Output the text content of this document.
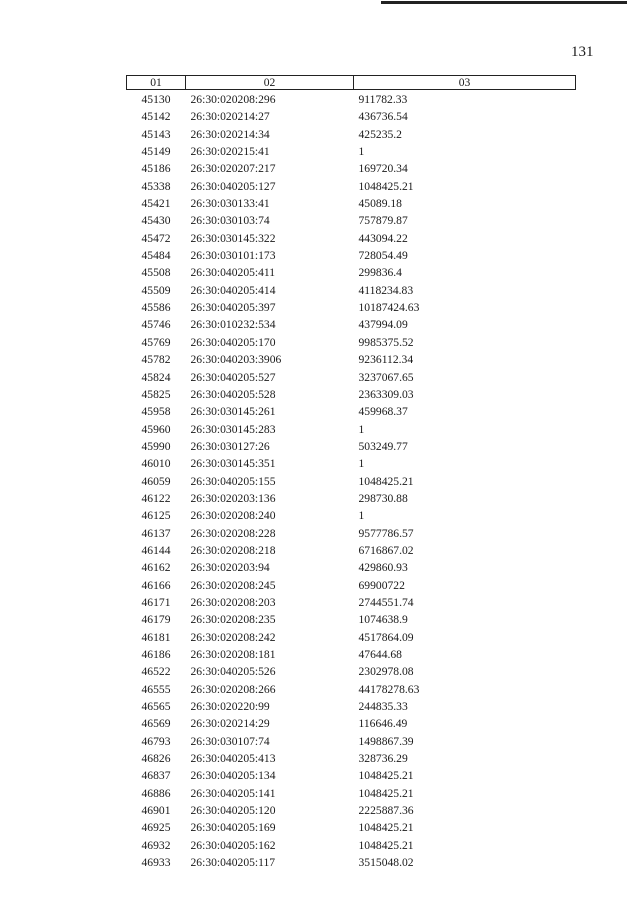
131
01	02	03
45130	26:30:020208:296	911782.33
45142	26:30:020214:27	436736.54
45143	26:30:020214:34	425235.2
45149	26:30:020215:41	1
45186	26:30:020207:217	169720.34
45338	26:30:040205:127	1048425.21
45421	26:30:030133:41	45089.18
45430	26:30:030103:74	757879.87
45472	26:30:030145:322	443094.22
45484	26:30:030101:173	728054.49
45508	26:30:040205:411	299836.4
45509	26:30:040205:414	4118234.83
45586	26:30:040205:397	10187424.63
45746	26:30:010232:534	437994.09
45769	26:30:040205:170	9985375.52
45782	26:30:040203:3906	9236112.34
45824	26:30:040205:527	3237067.65
45825	26:30:040205:528	2363309.03
45958	26:30:030145:261	459968.37
45960	26:30:030145:283	1
45990	26:30:030127:26	503249.77
46010	26:30:030145:351	1
46059	26:30:040205:155	1048425.21
46122	26:30:020203:136	298730.88
46125	26:30:020208:240	1
46137	26:30:020208:228	9577786.57
46144	26:30:020208:218	6716867.02
46162	26:30:020203:94	429860.93
46166	26:30:020208:245	69900722
46171	26:30:020208:203	2744551.74
46179	26:30:020208:235	1074638.9
46181	26:30:020208:242	4517864.09
46186	26:30:020208:181	47644.68
46522	26:30:040205:526	2302978.08
46555	26:30:020208:266	44178278.63
46565	26:30:020220:99	244835.33
46569	26:30:020214:29	116646.49
46793	26:30:030107:74	1498867.39
46826	26:30:040205:413	328736.29
46837	26:30:040205:134	1048425.21
46886	26:30:040205:141	1048425.21
46901	26:30:040205:120	2225887.36
46925	26:30:040205:169	1048425.21
46932	26:30:040205:162	1048425.21
46933	26:30:040205:117	3515048.02
